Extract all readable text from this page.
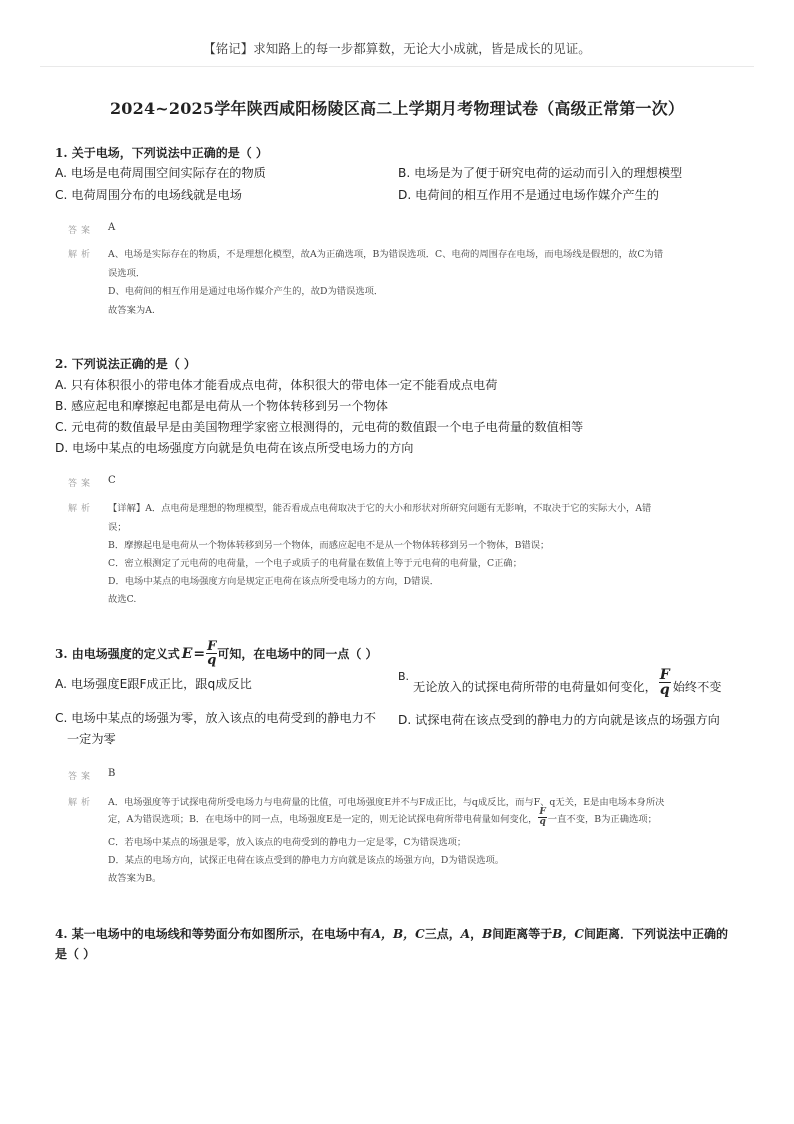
【铭记】求知路上的每一步都算数，无论大小成就，皆是成长的见证。
2024~2025学年陕西咸阳杨陵区高二上学期月考物理试卷（高级正常第一次）
1. 关于电场，下列说法中正确的是（ ）
A. 电场是电荷周围空间实际存在的物质	B. 电场是为了便于研究电荷的运动而引入的理想模型
C. 电荷周围分布的电场线就是电场	D. 电荷间的相互作用不是通过电场作媒介产生的
答案 A
解析 A、电场是实际存在的物质，不是理想化模型，故A为正确选项，B为错误选项．C、电荷的周围存在电场，而电场线是假想的，故C为错
误选项．
D、电荷间的相互作用是通过电场作媒介产生的，故D为错误选项．
故答案为A.
2. 下列说法正确的是（ ）
A. 只有体积很小的带电体才能看成点电荷，体积很大的带电体一定不能看成点电荷
B. 感应起电和摩擦起电都是电荷从一个物体转移到另一个物体
C. 元电荷的数值最早是由美国物理学家密立根测得的，元电荷的数值跟一个电子电荷量的数值相等
D. 电场中某点的电场强度方向就是负电荷在该点所受电场力的方向
答案 C
解析 【详解】A．点电荷是理想的物理模型，能否看成点电荷取决于它的大小和形状对所研究问题有无影响，不取决于它的实际大小，A错
误；
B．摩擦起电是电荷从一个物体转移到另一个物体，而感应起电不是从一个物体转移到另一个物体，B错误；
C．密立根测定了元电荷的电荷量，一个电子或质子的电荷量在数值上等于元电荷的电荷量，C正确；
D．电场中某点的电场强度方向是规定正电荷在该点所受电场力的方向，D错误．
故选C.
3. 由电场强度的定义式 $E = \frac{F}{q}$ 可知，在电场中的同一点（ ）
A. 电场强度E跟F成正比，跟q成反比
B.
无论放入的试探电荷所带的电荷量如何变化， $\frac{F}{q}$ 始终不变
C. 电场中某点的场强为零，放入该点的电荷受到的静电力不一定为零
D. 试探电荷在该点受到的静电力的方向就是该点的场强方向
答案 B
解析 A．电场强度等于试探电荷所受电场力与电荷量的比值，可电场强度E并不与F成正比，与q成反比，而与F、q无关，E是由电场本身所决
定，A为错误选项；B．在电场中的同一点，电场强度E是一定的，则无论试探电荷所带电荷量如何变化， $\frac{F}{q}$ 一直不变，B为正确选项；
C．若电场中某点的场强是零，放入该点的电荷受到的静电力一定是零，C为错误选项；
D．某点的电场方向，试探正电荷在该点受到的静电力方向就是该点的场强方向，D为错误选项。
故答案为B。
4. 某一电场中的电场线和等势面分布如图所示，在电场中有A，B，C三点，A，B间距离等于B，C间距离．下列说法中正确的
是（ ）
